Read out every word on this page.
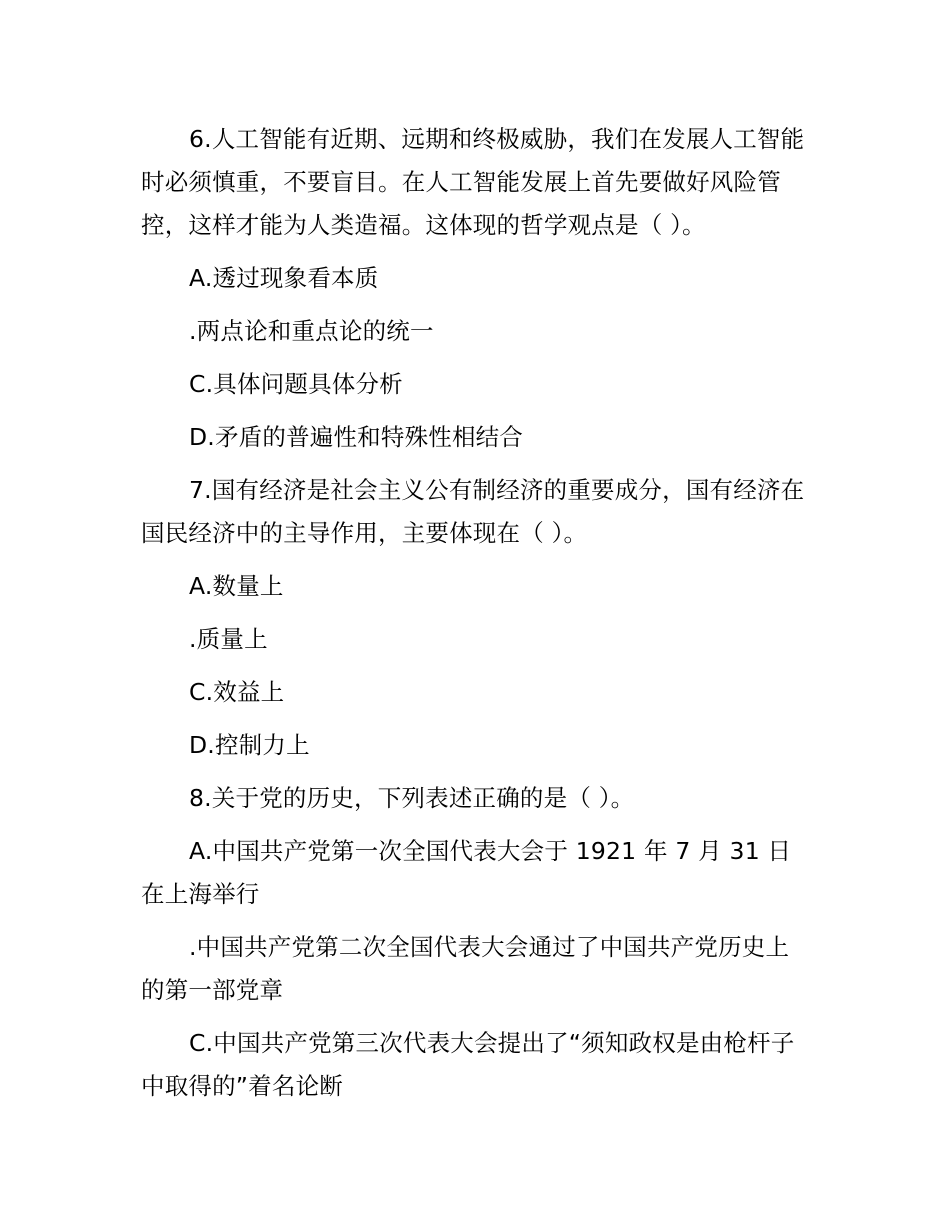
6.人工智能有近期、远期和终极威胁，我们在发展人工智能时必须慎重，不要盲目。在人工智能发展上首先要做好风险管控，这样才能为人类造福。这体现的哲学观点是（ ）。

A.透过现象看本质

.两点论和重点论的统一

C.具体问题具体分析

D.矛盾的普遍性和特殊性相结合

7.国有经济是社会主义公有制经济的重要成分，国有经济在国民经济中的主导作用，主要体现在（ ）。

A.数量上

.质量上

C.效益上

D.控制力上

8.关于党的历史，下列表述正确的是（ ）。

A.中国共产党第一次全国代表大会于 1921 年 7 月 31 日在上海举行

.中国共产党第二次全国代表大会通过了中国共产党历史上的第一部党章

C.中国共产党第三次代表大会提出了“须知政权是由枪杆子中取得的”着名论断
